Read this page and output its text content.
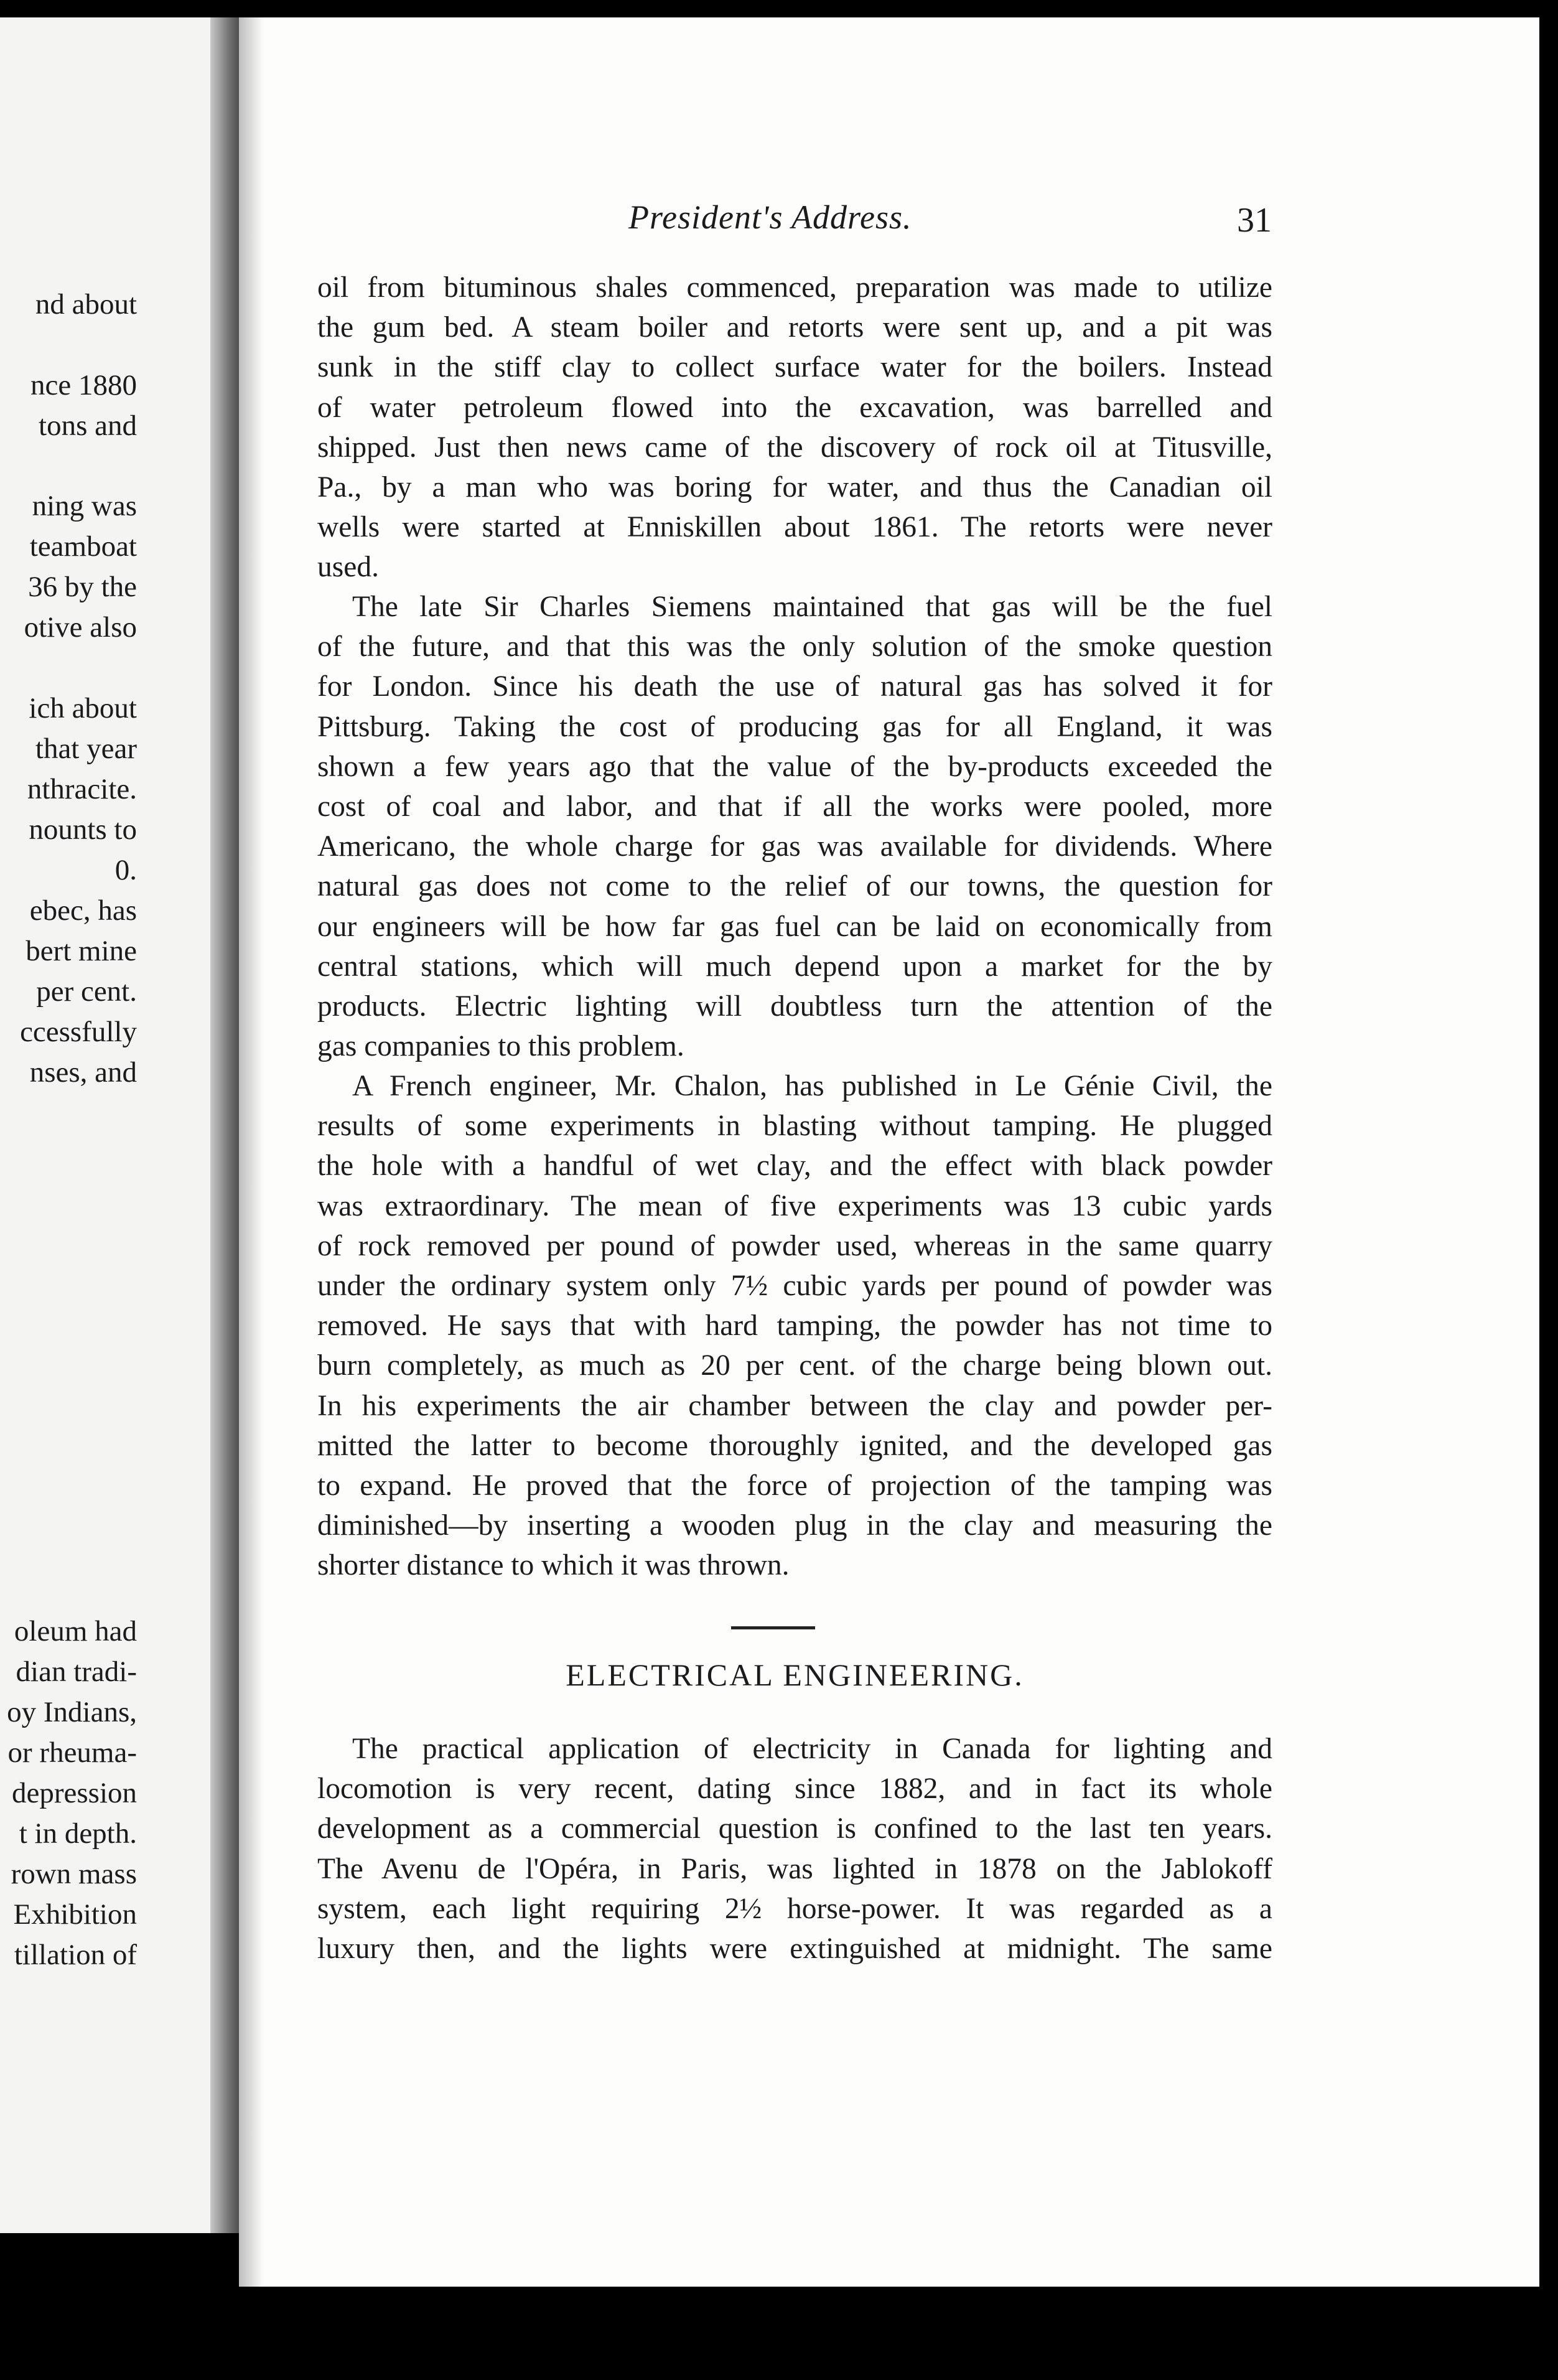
nd about
nce 1880
tons and
ning was
teamboat
36 by the
otive also
ich about
that year
nthracite.
nounts to
0.
ebec, has
bert mine
per cent.
ccessfully
nses, and
oleum had
dian tradi-
oy Indians,
or rheuma-
depression
t in depth.
rown mass
Exhibition
tillation of
President's Address.	31
oil from bituminous shales commenced, preparation was made to utilize
the gum bed. A steam boiler and retorts were sent up, and a pit was
sunk in the stiff clay to collect surface water for the boilers. Instead
of water petroleum flowed into the excavation, was barrelled and
shipped. Just then news came of the discovery of rock oil at Titusville,
Pa., by a man who was boring for water, and thus the Canadian oil
wells were started at Enniskillen about 1861. The retorts were never
used.
The late Sir Charles Siemens maintained that gas will be the fuel
of the future, and that this was the only solution of the smoke question
for London. Since his death the use of natural gas has solved it for
Pittsburg. Taking the cost of producing gas for all England, it was
shown a few years ago that the value of the by-products exceeded the
cost of coal and labor, and that if all the works were pooled, more
Americano, the whole charge for gas was available for dividends. Where
natural gas does not come to the relief of our towns, the question for
our engineers will be how far gas fuel can be laid on economically from
central stations, which will much depend upon a market for the by
products. Electric lighting will doubtless turn the attention of the
gas companies to this problem.
A French engineer, Mr. Chalon, has published in Le Génie Civil, the
results of some experiments in blasting without tamping. He plugged
the hole with a handful of wet clay, and the effect with black powder
was extraordinary. The mean of five experiments was 13 cubic yards
of rock removed per pound of powder used, whereas in the same quarry
under the ordinary system only 7½ cubic yards per pound of powder was
removed. He says that with hard tamping, the powder has not time to
burn completely, as much as 20 per cent. of the charge being blown out.
In his experiments the air chamber between the clay and powder per-
mitted the latter to become thoroughly ignited, and the developed gas
to expand. He proved that the force of projection of the tamping was
diminished—by inserting a wooden plug in the clay and measuring the
shorter distance to which it was thrown.
The practical application of electricity in Canada for lighting and
locomotion is very recent, dating since 1882, and in fact its whole
development as a commercial question is confined to the last ten years.
The Avenu de l'Opéra, in Paris, was lighted in 1878 on the Jablokoff
system, each light requiring 2½ horse-power. It was regarded as a
luxury then, and the lights were extinguished at midnight. The same
ELECTRICAL ENGINEERING.
